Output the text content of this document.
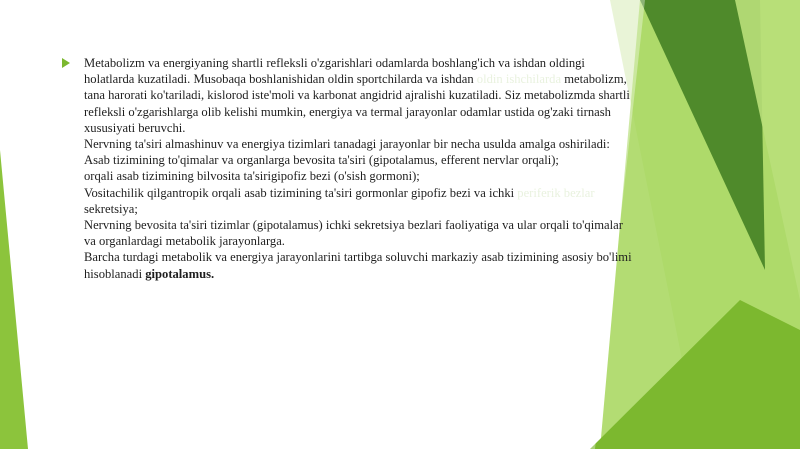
Metabolizm va energiyaning shartli refleksli o'zgarishlari odamlarda boshlang'ich va ishdan oldingi
holatlarda kuzatiladi. Musobaqa boshlanishidan oldin sportchilarda va ishdan oldin ishchilarda metabolizm,
tana harorati ko'tariladi, kislorod iste'moli va karbonat angidrid ajralishi kuzatiladi. Siz metabolizmda shartli
refleksli o'zgarishlarga olib kelishi mumkin, energiya va termal jarayonlar odamlar ustida og'zaki tirnash
xususiyati beruvchi.
Nervning ta'siri almashinuv va energiya tizimlari tanadagi jarayonlar bir necha usulda amalga oshiriladi:
Asab tizimining to'qimalar va organlarga bevosita ta'siri (gipotalamus, efferent nervlar orqali);
orqali asab tizimining bilvosita ta'sirigipofiz bezi (o'sish gormoni);
Vositachilik qilgantropik orqali asab tizimining ta'siri gormonlar gipofiz bezi va ichki periferik bezlar
sekretsiya;
Nervning bevosita ta'siri tizimlar (gipotalamus) ichki sekretsiya bezlari faoliyatiga va ular orqali to'qimalar
va organlardagi metabolik jarayonlarga.
Barcha turdagi metabolik va energiya jarayonlarini tartibga soluvchi markaziy asab tizimining asosiy bo'limi
hisoblanadi gipotalamus.
